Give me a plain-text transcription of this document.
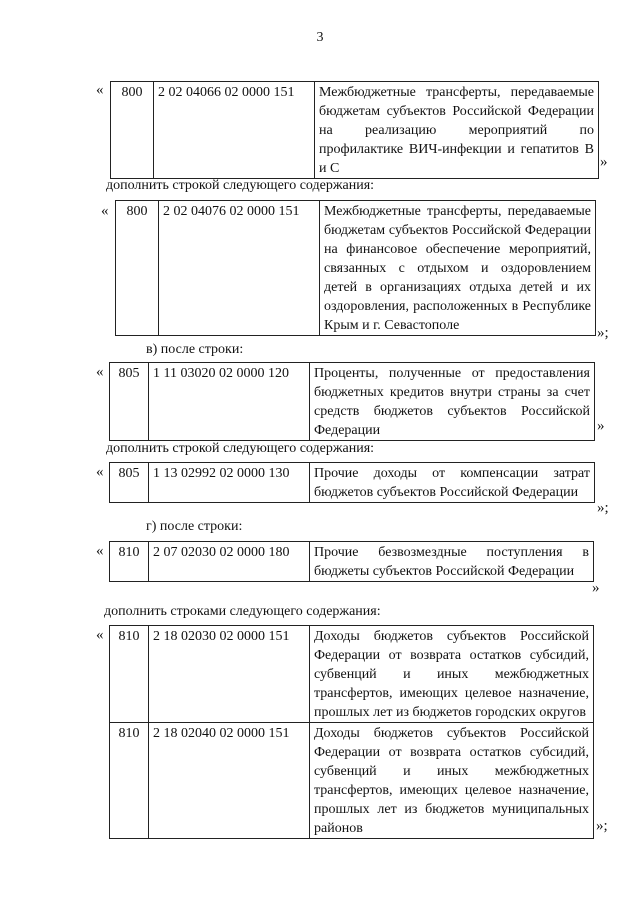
3
« 800	2 02 04066 02 0000 151	Межбюджетные трансферты, передаваемые бюджетам субъектов Российской Федерации на реализацию мероприятий по профилактике ВИЧ-инфекции и гепатитов В и С	»
дополнить строкой следующего содержания:
« 800	2 02 04076 02 0000 151	Межбюджетные трансферты, передаваемые бюджетам субъектов Российской Федерации на финансовое обеспечение мероприятий, связанных с отдыхом и оздоровлением детей в организациях отдыха детей и их оздоровления, расположенных в Республике Крым и г. Севастополе	»;
в) после строки:
« 805	1 11 03020 02 0000 120	Проценты, полученные от предоставления бюджетных кредитов внутри страны за счет средств бюджетов субъектов Российской Федерации	»
дополнить строкой следующего содержания:
« 805	1 13 02992 02 0000 130	Прочие доходы от компенсации затрат бюджетов субъектов Российской Федерации
»;
г) после строки:
« 810	2 07 02030 02 0000 180	Прочие безвозмездные поступления в бюджеты субъектов Российской Федерации
»
дополнить строками следующего содержания:
« 810	2 18 02030 02 0000 151	Доходы бюджетов субъектов Российской Федерации от возврата остатков субсидий, субвенций и иных межбюджетных трансфертов, имеющих целевое назначение, прошлых лет из бюджетов городских округов
810	2 18 02040 02 0000 151	Доходы бюджетов субъектов Российской Федерации от возврата остатков субсидий, субвенций и иных межбюджетных трансфертов, имеющих целевое назначение, прошлых лет из бюджетов муниципальных районов	»;
